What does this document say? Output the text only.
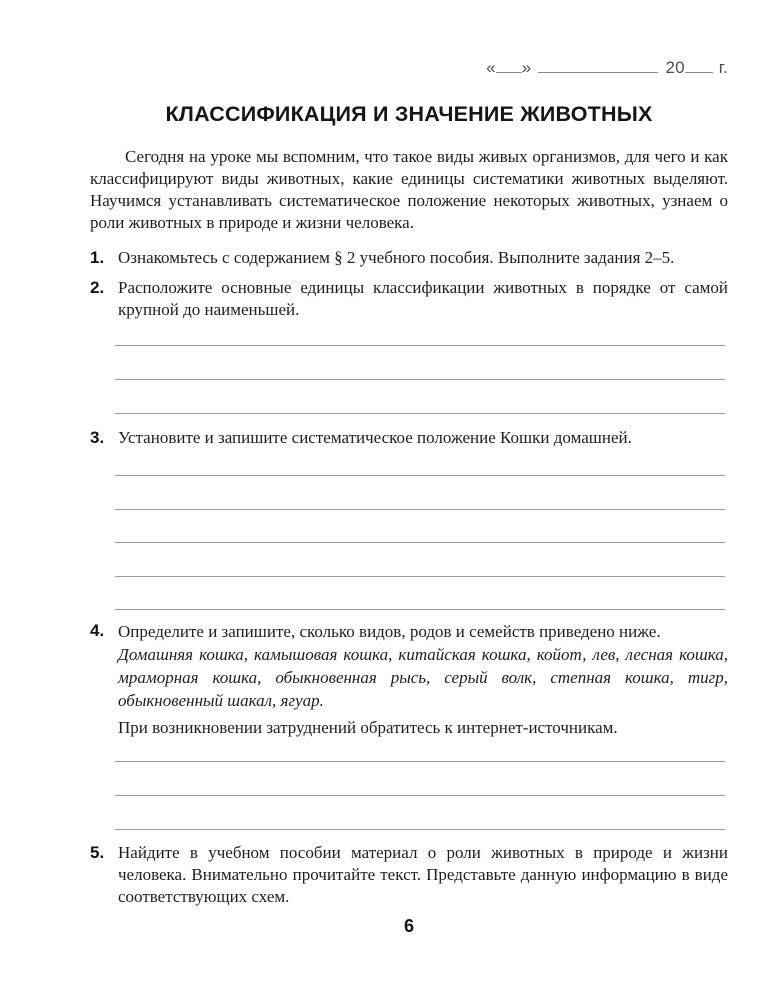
« »	20 г.
КЛАССИФИКАЦИЯ И ЗНАЧЕНИЕ ЖИВОТНЫХ

Сегодня на уроке мы вспомним, что такое виды живых организмов, для чего и как классифицируют виды животных, какие единицы систематики животных выделяют. Научимся устанавливать систематическое положение некоторых животных, узнаем о роли животных в природе и жизни человека.

1. Ознакомьтесь с содержанием § 2 учебного пособия. Выполните задания 2–5.

2. Расположите основные единицы классификации животных в порядке от самой крупной до наименьшей.

3. Установите и запишите систематическое положение Кошки домашней.

4. Определите и запишите, сколько видов, родов и семейств приведено ниже.

Домашняя кошка, камышовая кошка, китайская кошка, койот, лев, лесная кошка, мраморная кошка, обыкновенная рысь, серый волк, степная кошка, тигр, обыкновенный шакал, ягуар.

При возникновении затруднений обратитесь к интернет-источникам.

5. Найдите в учебном пособии материал о роли животных в природе и жизни человека. Внимательно прочитайте текст. Представьте данную информацию в виде соответствующих схем.

6
